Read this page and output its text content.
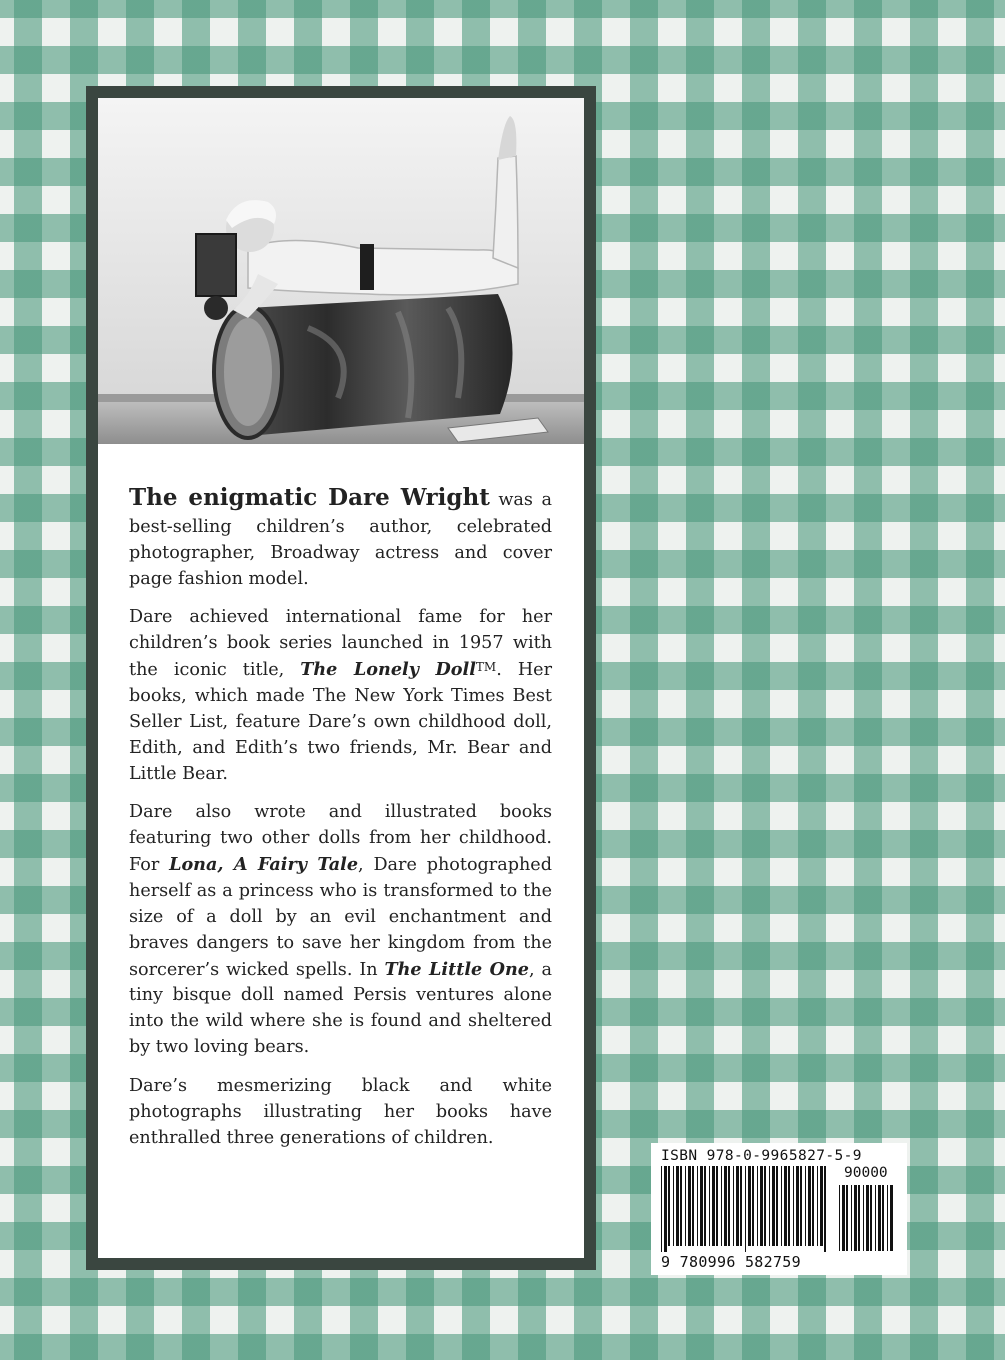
The enigmatic Dare Wright was a best-selling children’s author, celebrated photographer, Broadway actress and cover page fashion model.

Dare achieved international fame for her children’s book series launched in 1957 with the iconic title, The Lonely Doll™. Her books, which made The New York Times Best Seller List, feature Dare’s own childhood doll, Edith, and Edith’s two friends, Mr. Bear and Little Bear.

Dare also wrote and illustrated books featuring two other dolls from her childhood. For Lona, A Fairy Tale, Dare photographed herself as a princess who is transformed to the size of a doll by an evil enchantment and braves dangers to save her kingdom from the sorcerer’s wicked spells. In The Little One, a tiny bisque doll named Persis ventures alone into the wild where she is found and sheltered by two loving bears.

Dare’s mesmerizing black and white photographs illustrating her books have enthralled three generations of children.

ISBN 978-0-9965827-5-9
90000
9 780996 582759
